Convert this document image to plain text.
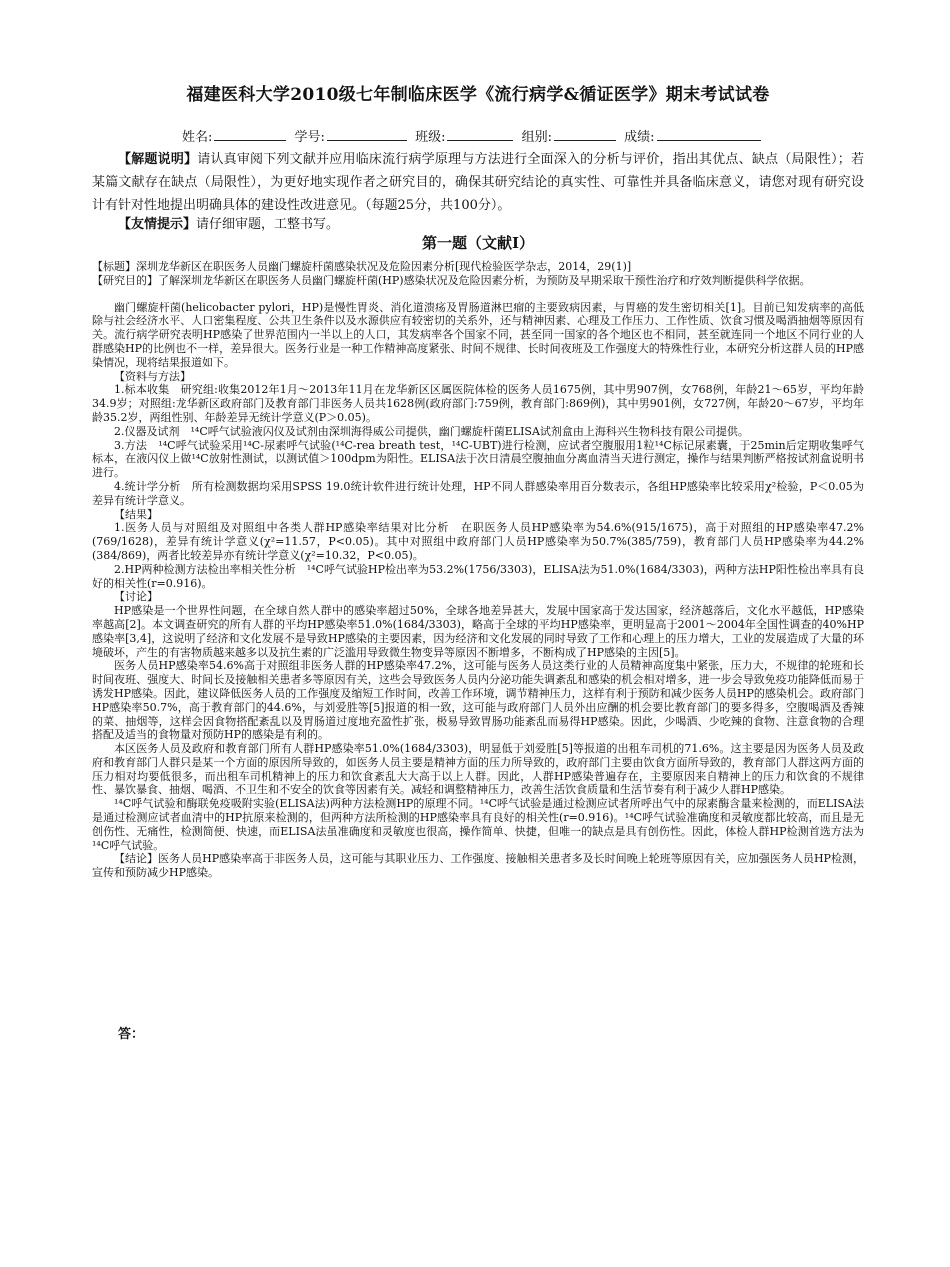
福建医科大学2010级七年制临床医学《流行病学&循证医学》期末考试试卷
姓名:	学号:	班级:	组别:	成绩:
【解题说明】请认真审阅下列文献并应用临床流行病学原理与方法进行全面深入的分析与评价，指出其优点、缺点（局限性）；若某篇文献存在缺点（局限性），为更好地实现作者之研究目的，确保其研究结论的真实性、可靠性并具备临床意义，请您对现有研究设计有针对性地提出明确具体的建设性改进意见。（每题25分，共100分）。
【友情提示】请仔细审题，工整书写。
第一题（文献Ⅰ）

【标题】深圳龙华新区在职医务人员幽门螺旋杆菌感染状况及危险因素分析[现代检验医学杂志，2014，29(1)]

【研究目的】了解深圳龙华新区在职医务人员幽门螺旋杆菌(HP)感染状况及危险因素分析，为预防及早期采取干预性治疗和疗效判断提供科学依据。

幽门螺旋杆菌(helicobacter pylori，HP)是慢性胃炎、消化道溃疡及胃肠道淋巴瘤的主要致病因素，与胃癌的发生密切相关[1]。目前已知发病率的高低除与社会经济水平、人口密集程度、公共卫生条件以及水源供应有较密切的关系外，还与精神因素、心理及工作压力、工作性质、饮食习惯及喝酒抽烟等原因有关。流行病学研究表明HP感染了世界范围内一半以上的人口，其发病率各个国家不同，甚至同一国家的各个地区也不相同，甚至就连同一个地区不同行业的人群感染HP的比例也不一样，差异很大。医务行业是一种工作精神高度紧张、时间不规律、长时间夜班及工作强度大的特殊性行业，本研究分析这群人员的HP感染情况，现将结果报道如下。

【资料与方法】

1.标本收集　研究组:收集2012年1月～2013年11月在龙华新区区属医院体检的医务人员1675例，其中男907例，女768例，年龄21～65岁，平均年龄34.9岁；对照组:龙华新区政府部门及教育部门非医务人员共1628例(政府部门:759例，教育部门:869例)，其中男901例，女727例，年龄20～67岁，平均年龄35.2岁，两组性别、年龄差异无统计学意义(P＞0.05)。

2.仪器及试剂　¹⁴C呼气试验液闪仪及试剂由深圳海得威公司提供，幽门螺旋杆菌ELISA试剂盒由上海科兴生物科技有限公司提供。

3.方法　¹⁴C呼气试验采用¹⁴C-尿素呼气试验(¹⁴C-rea breath test，¹⁴C-UBT)进行检测，应试者空腹服用1粒¹⁴C标记尿素囊，于25min后定期收集呼气标本，在液闪仪上做¹⁴C放射性测试，以测试值＞100dpm为阳性。ELISA法于次日清晨空腹抽血分离血清当天进行测定，操作与结果判断严格按试剂盒说明书进行。

4.统计学分析　所有检测数据均采用SPSS 19.0统计软件进行统计处理，HP不同人群感染率用百分数表示，各组HP感染率比较采用χ²检验，P＜0.05为差异有统计学意义。

【结果】

1.医务人员与对照组及对照组中各类人群HP感染率结果对比分析　在职医务人员HP感染率为54.6%(915/1675)，高于对照组的HP感染率47.2%(769/1628)，差异有统计学意义(χ²=11.57，P<0.05)。其中对照组中政府部门人员HP感染率为50.7%(385/759)，教育部门人员HP感染率为44.2%(384/869)，两者比较差异亦有统计学意义(χ²=10.32，P<0.05)。

2.HP两种检测方法检出率相关性分析　¹⁴C呼气试验HP检出率为53.2%(1756/3303)，ELISA法为51.0%(1684/3303)，两种方法HP阳性检出率具有良好的相关性(r=0.916)。

【讨论】

HP感染是一个世界性问题，在全球自然人群中的感染率超过50%，全球各地差异甚大，发展中国家高于发达国家，经济越落后，文化水平越低，HP感染率越高[2]。本文调查研究的所有人群的平均HP感染率51.0%(1684/3303)，略高于全球的平均HP感染率，更明显高于2001～2004年全国性调查的40%HP感染率[3,4]，这说明了经济和文化发展不是导致HP感染的主要因素，因为经济和文化发展的同时导致了工作和心理上的压力增大，工业的发展造成了大量的环境破坏，产生的有害物质越来越多以及抗生素的广泛滥用导致微生物变异等原因不断增多，不断构成了HP感染的主因[5]。

医务人员HP感染率54.6%高于对照组非医务人群的HP感染率47.2%，这可能与医务人员这类行业的人员精神高度集中紧张，压力大，不规律的轮班和长时间夜班、强度大、时间长及接触相关患者多等原因有关，这些会导致医务人员内分泌功能失调紊乱和感染的机会相对增多，进一步会导致免疫功能降低而易于诱发HP感染。因此，建议降低医务人员的工作强度及缩短工作时间，改善工作环境，调节精神压力，这样有利于预防和减少医务人员HP的感染机会。政府部门HP感染率50.7%，高于教育部门的44.6%，与刘爱胜等[5]报道的相一致，这可能与政府部门人员外出应酬的机会要比教育部门的要多得多，空腹喝酒及香辣的菜、抽烟等，这样会因食物搭配紊乱以及胃肠道过度地充盈性扩张，极易导致胃肠功能紊乱而易得HP感染。因此，少喝酒、少吃辣的食物、注意食物的合理搭配及适当的食物量对预防HP的感染是有利的。

本区医务人员及政府和教育部门所有人群HP感染率51.0%(1684/3303)，明显低于刘爱胜[5]等报道的出租车司机的71.6%。这主要是因为医务人员及政府和教育部门人群只是某一个方面的原因所导致的，如医务人员主要是精神方面的压力所导致的，政府部门主要由饮食方面所导致的，教育部门人群这两方面的压力相对均要低很多，而出租车司机精神上的压力和饮食紊乱大大高于以上人群。因此，人群HP感染普遍存在，主要原因来自精神上的压力和饮食的不规律性、暴饮暴食、抽烟、喝酒、不卫生和不安全的饮食等因素有关。减轻和调整精神压力，改善生活饮食质量和生活节奏有利于减少人群HP感染。

¹⁴C呼气试验和酶联免疫吸附实验(ELISA法)两种方法检测HP的原理不同。¹⁴C呼气试验是通过检测应试者所呼出气中的尿素酶含量来检测的，而ELISA法是通过检测应试者血清中的HP抗原来检测的，但两种方法所检测的HP感染率具有良好的相关性(r=0.916)。¹⁴C呼气试验准确度和灵敏度都比较高，而且是无创伤性、无痛性，检测简便、快速，而ELISA法虽准确度和灵敏度也很高，操作简单、快捷，但唯一的缺点是具有创伤性。因此，体检人群HP检测首选方法为¹⁴C呼气试验。

【结论】医务人员HP感染率高于非医务人员，这可能与其职业压力、工作强度、接触相关患者多及长时间晚上轮班等原因有关，应加强医务人员HP检测，宣传和预防减少HP感染。

答：
